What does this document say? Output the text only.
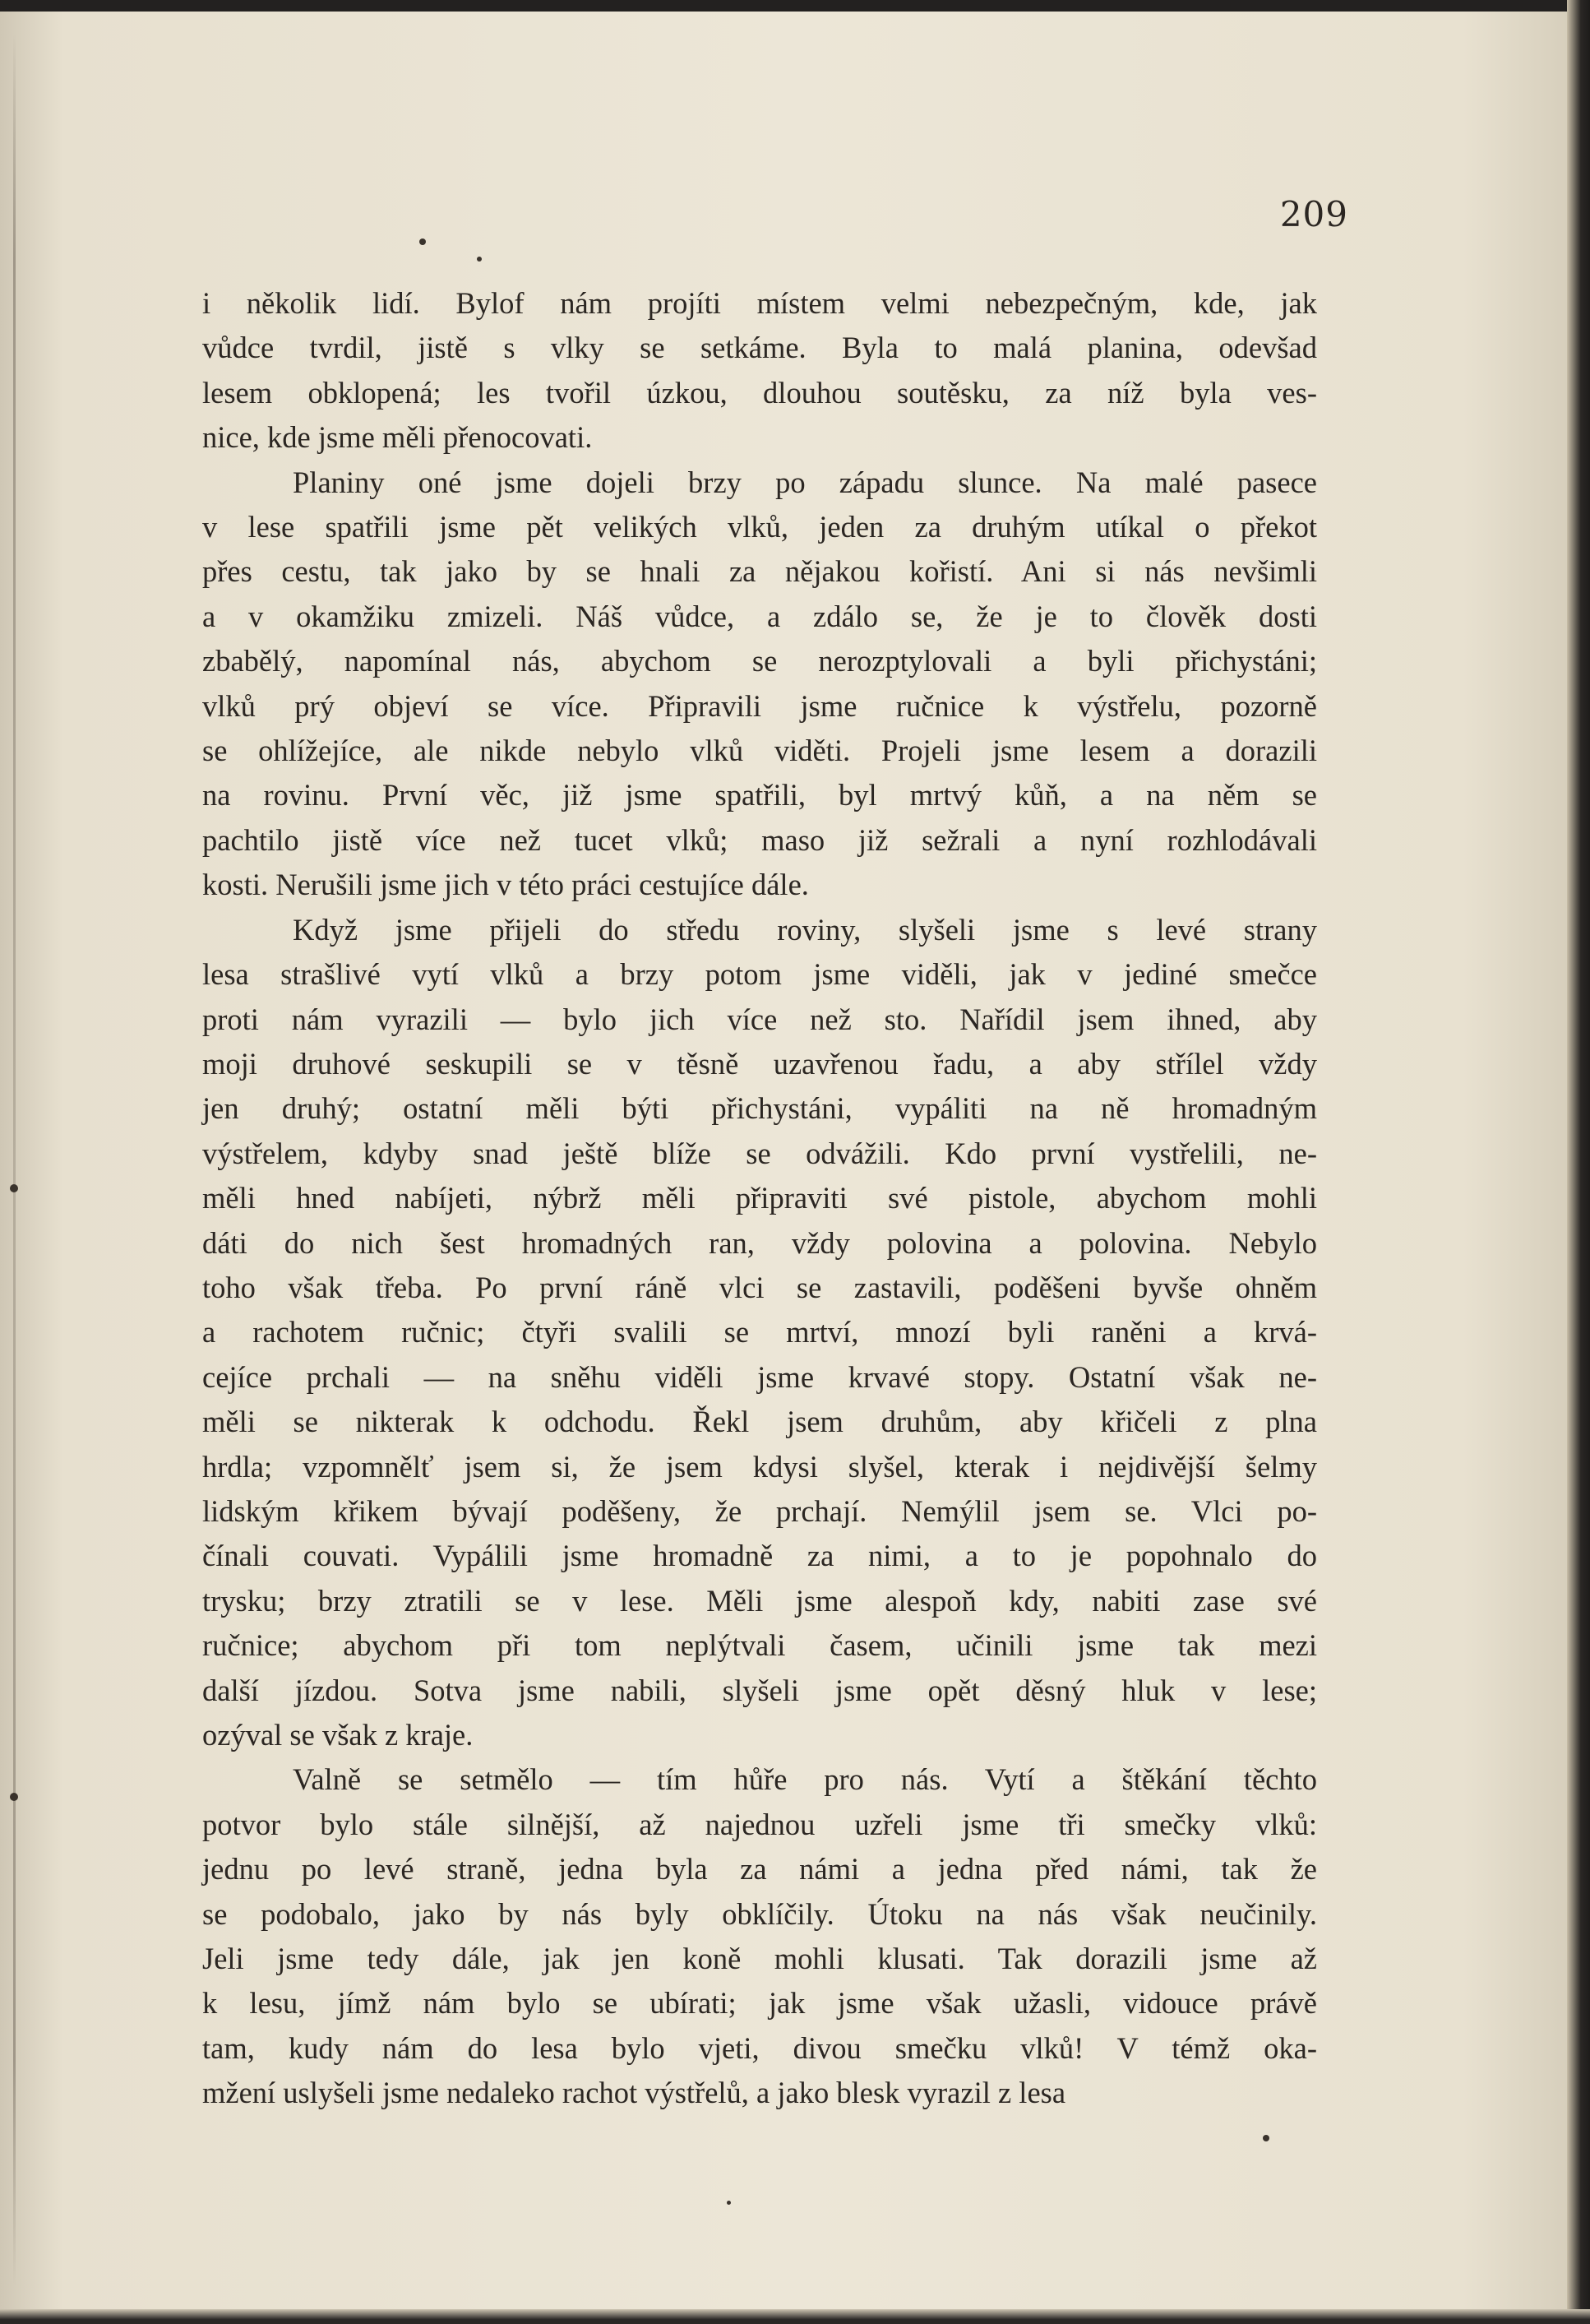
209
i několik lidí. Bylof nám projíti místem velmi nebezpečným, kde, jak
vůdce tvrdil, jistě s vlky se setkáme. Byla to malá planina, odevšad
lesem obklopená; les tvořil úzkou, dlouhou soutěsku, za níž byla ves-
nice, kde jsme měli přenocovati.
Planiny oné jsme dojeli brzy po západu slunce. Na malé pasece
v lese spatřili jsme pět velikých vlků, jeden za druhým utíkal o překot
přes cestu, tak jako by se hnali za nějakou kořistí. Ani si nás nevšimli
a v okamžiku zmizeli. Náš vůdce, a zdálo se, že je to člověk dosti
zbabělý, napomínal nás, abychom se nerozptylovali a byli přichystáni;
vlků prý objeví se více. Připravili jsme ručnice k výstřelu, pozorně
se ohlížejíce, ale nikde nebylo vlků viděti. Projeli jsme lesem a dorazili
na rovinu. První věc, již jsme spatřili, byl mrtvý kůň, a na něm se
pachtilo jistě více než tucet vlků; maso již sežrali a nyní rozhlodávali
kosti. Nerušili jsme jich v této práci cestujíce dále.
Když jsme přijeli do středu roviny, slyšeli jsme s levé strany
lesa strašlivé vytí vlků a brzy potom jsme viděli, jak v jediné smečce
proti nám vyrazili — bylo jich více než sto. Nařídil jsem ihned, aby
moji druhové seskupili se v těsně uzavřenou řadu, a aby střílel vždy
jen druhý; ostatní měli býti přichystáni, vypáliti na ně hromadným
výstřelem, kdyby snad ještě blíže se odvážili. Kdo první vystřelili, ne-
měli hned nabíjeti, nýbrž měli připraviti své pistole, abychom mohli
dáti do nich šest hromadných ran, vždy polovina a polovina. Nebylo
toho však třeba. Po první ráně vlci se zastavili, poděšeni byvše ohněm
a rachotem ručnic; čtyři svalili se mrtví, mnozí byli raněni a krvá-
cejíce prchali — na sněhu viděli jsme krvavé stopy. Ostatní však ne-
měli se nikterak k odchodu. Řekl jsem druhům, aby křičeli z plna
hrdla; vzpomnělť jsem si, že jsem kdysi slyšel, kterak i nejdivější šelmy
lidským křikem bývají poděšeny, že prchají. Nemýlil jsem se. Vlci po-
čínali couvati. Vypálili jsme hromadně za nimi, a to je popohnalo do
trysku; brzy ztratili se v lese. Měli jsme alespoň kdy, nabiti zase své
ručnice; abychom při tom neplýtvali časem, učinili jsme tak mezi
další jízdou. Sotva jsme nabili, slyšeli jsme opět děsný hluk v lese;
ozýval se však z kraje.
Valně se setmělo — tím hůře pro nás. Vytí a štěkání těchto
potvor bylo stále silnější, až najednou uzřeli jsme tři smečky vlků:
jednu po levé straně, jedna byla za námi a jedna před námi, tak že
se podobalo, jako by nás byly obklíčily. Útoku na nás však neučinily.
Jeli jsme tedy dále, jak jen koně mohli klusati. Tak dorazili jsme až
k lesu, jímž nám bylo se ubírati; jak jsme však užasli, vidouce právě
tam, kudy nám do lesa bylo vjeti, divou smečku vlků! V témž oka-
mžení uslyšeli jsme nedaleko rachot výstřelů, a jako blesk vyrazil z lesa
